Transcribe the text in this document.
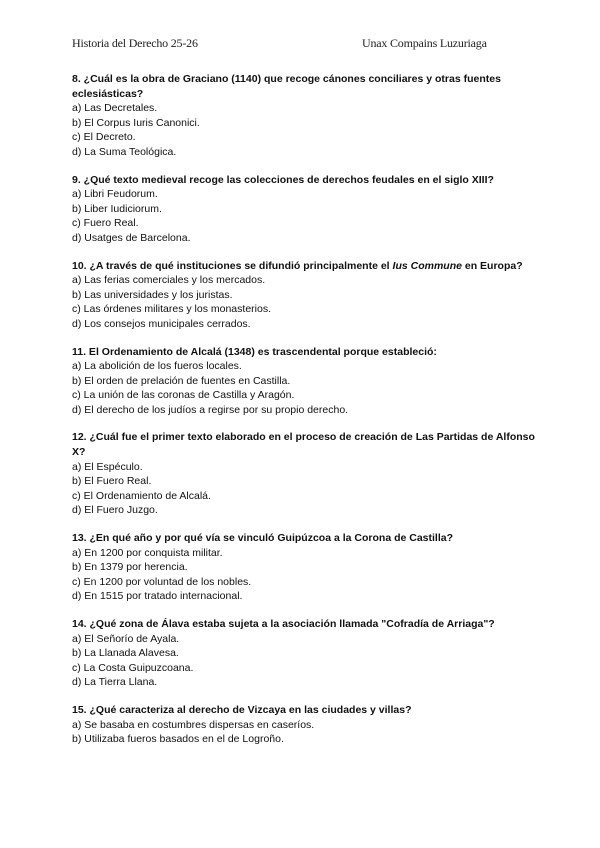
Historia del Derecho 25-26	Unax Compains Luzuriaga

8. ¿Cuál es la obra de Graciano (1140) que recoge cánones conciliares y otras fuentes eclesiásticas?

a) Las Decretales.

b) El Corpus Iuris Canonici.

c) El Decreto.

d) La Suma Teológica.

9. ¿Qué texto medieval recoge las colecciones de derechos feudales en el siglo XIII?

a) Libri Feudorum.

b) Liber Iudiciorum.

c) Fuero Real.

d) Usatges de Barcelona.

10. ¿A través de qué instituciones se difundió principalmente el Ius Commune en Europa?

a) Las ferias comerciales y los mercados.

b) Las universidades y los juristas.

c) Las órdenes militares y los monasterios.

d) Los consejos municipales cerrados.

11. El Ordenamiento de Alcalá (1348) es trascendental porque estableció:

a) La abolición de los fueros locales.

b) El orden de prelación de fuentes en Castilla.

c) La unión de las coronas de Castilla y Aragón.

d) El derecho de los judíos a regirse por su propio derecho.

12. ¿Cuál fue el primer texto elaborado en el proceso de creación de Las Partidas de Alfonso X?

a) El Espéculo.

b) El Fuero Real.

c) El Ordenamiento de Alcalá.

d) El Fuero Juzgo.

13. ¿En qué año y por qué vía se vinculó Guipúzcoa a la Corona de Castilla?

a) En 1200 por conquista militar.

b) En 1379 por herencia.

c) En 1200 por voluntad de los nobles.

d) En 1515 por tratado internacional.

14. ¿Qué zona de Álava estaba sujeta a la asociación llamada "Cofradía de Arriaga"?

a) El Señorío de Ayala.

b) La Llanada Alavesa.

c) La Costa Guipuzcoana.

d) La Tierra Llana.

15. ¿Qué caracteriza al derecho de Vizcaya en las ciudades y villas?

a) Se basaba en costumbres dispersas en caseríos.

b) Utilizaba fueros basados en el de Logroño.
